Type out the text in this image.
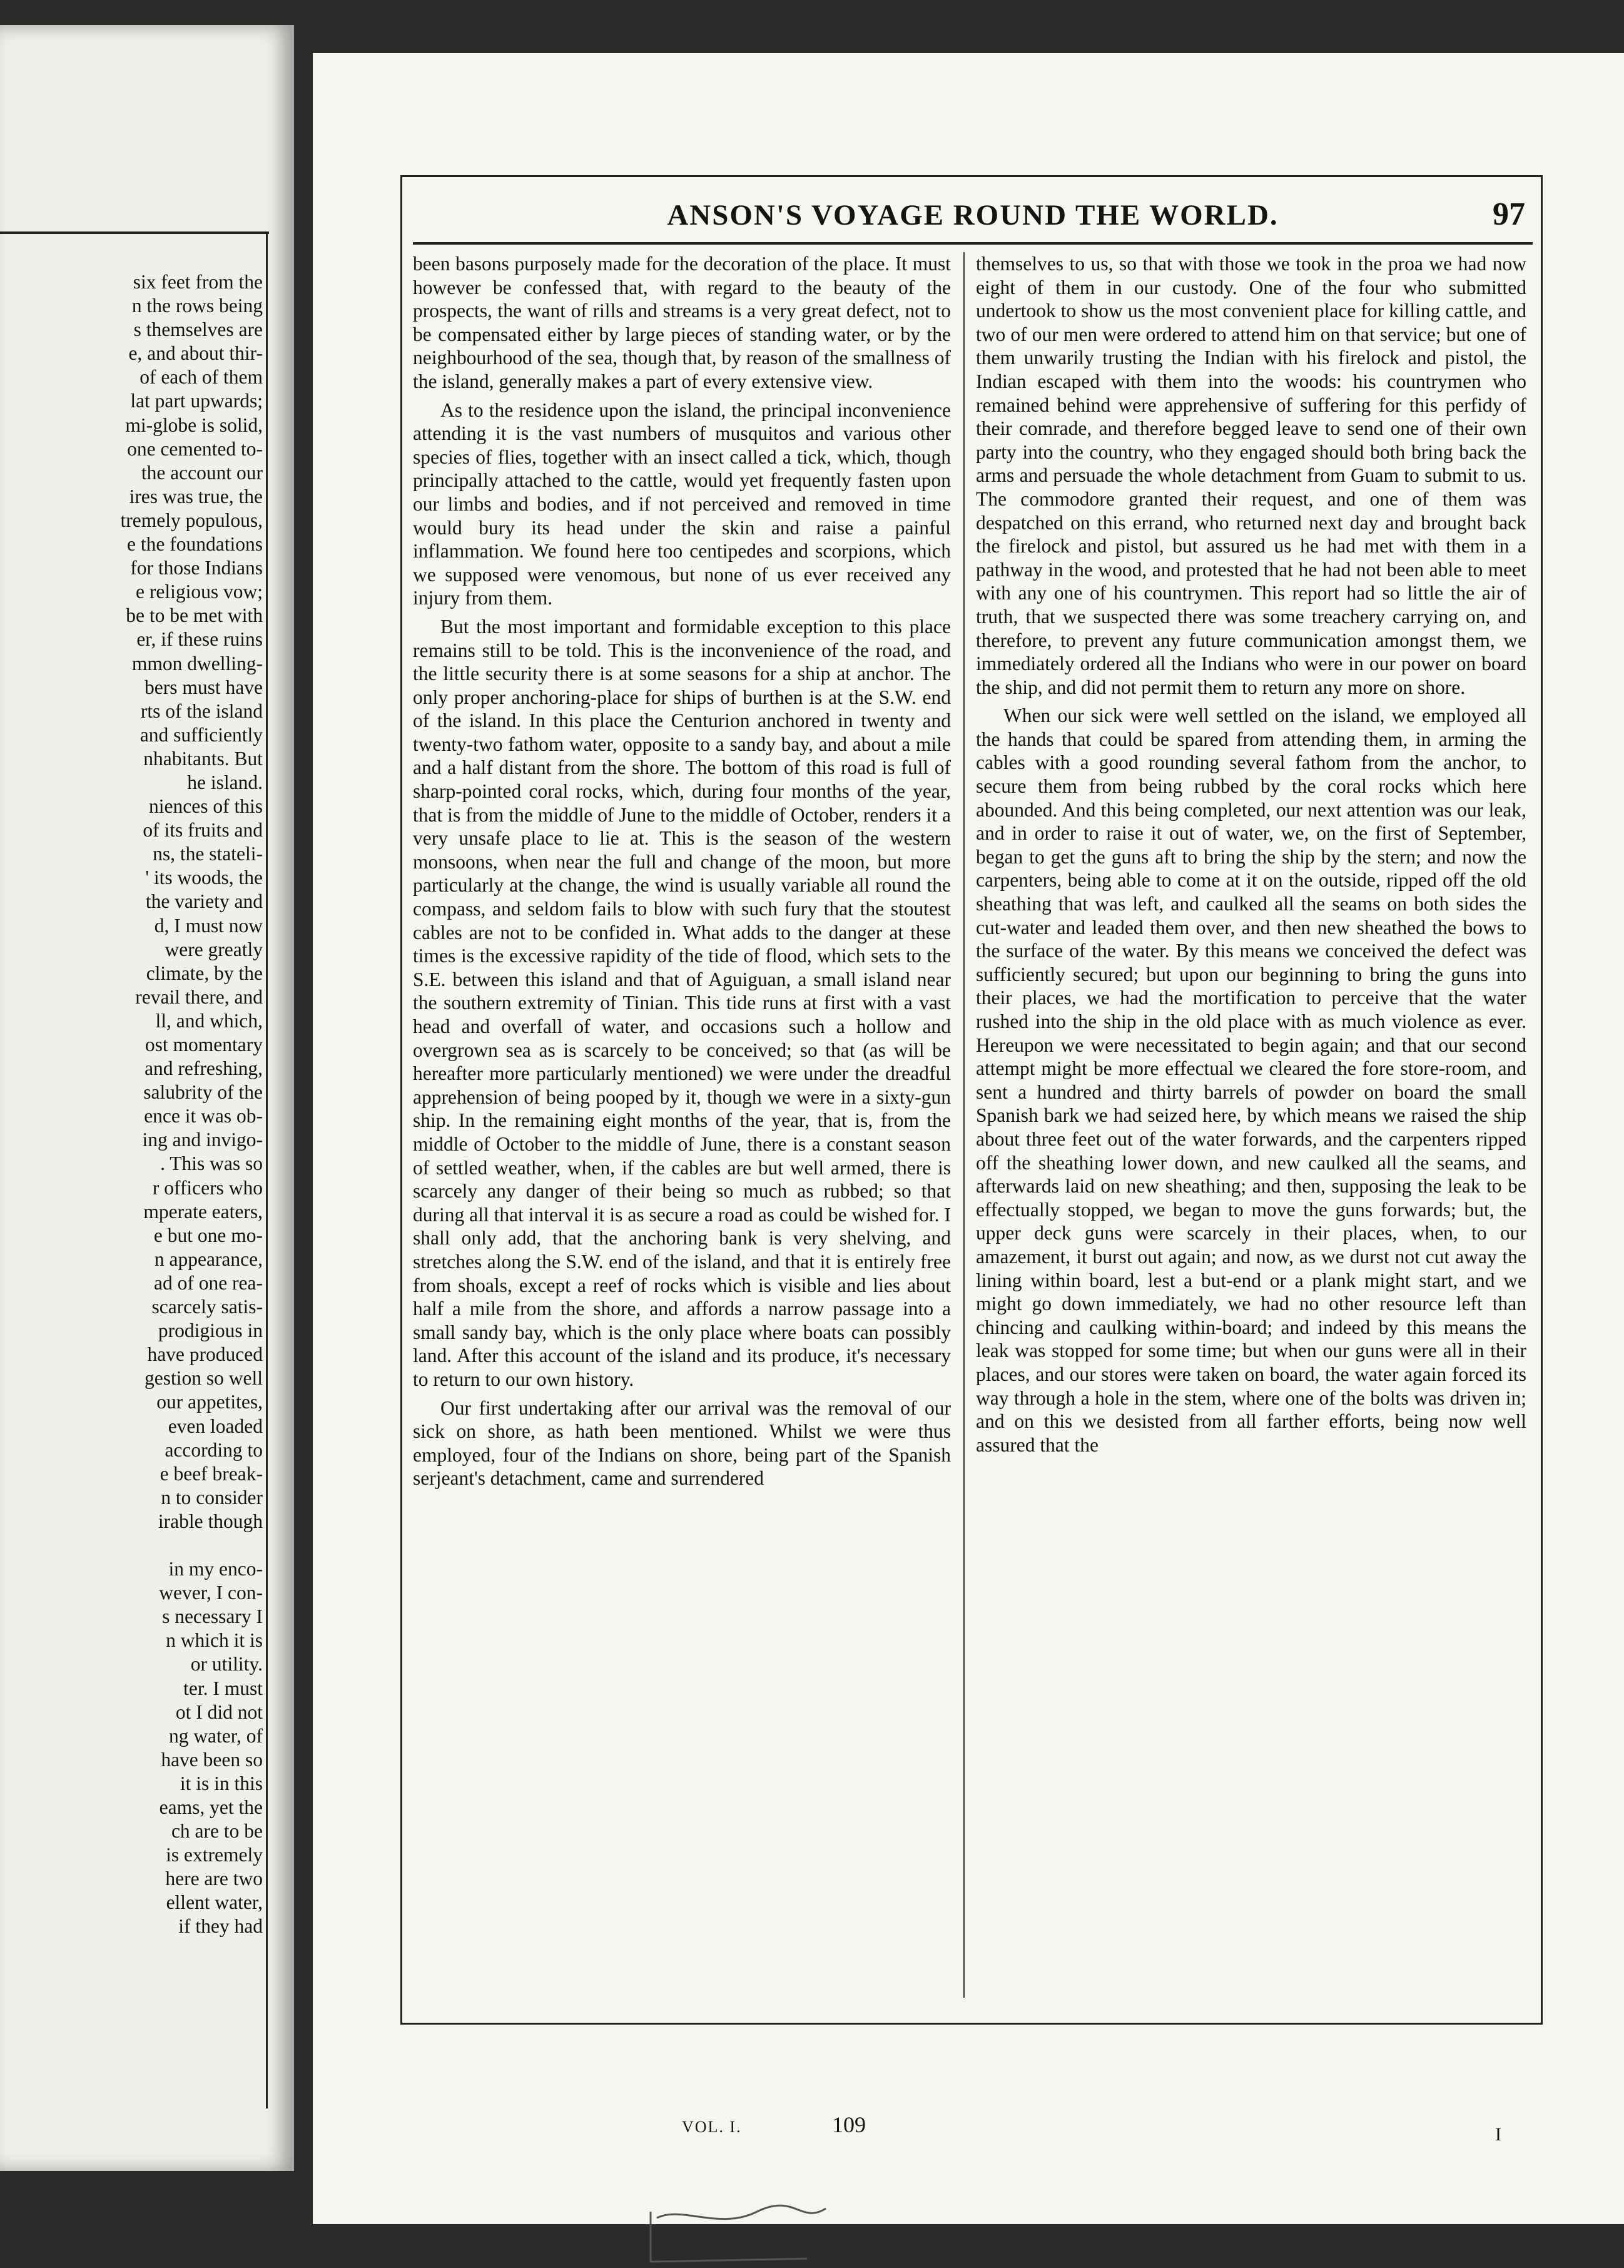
six feet from the
n the rows being
s themselves are
e, and about thir-
of each of them
lat part upwards;
mi-globe is solid,
one cemented to-
the account our
ires was true, the
tremely populous,
e the foundations
for those Indians
e religious vow;
be to be met with
er, if these ruins
mmon dwelling-
bers must have
rts of the island
and sufficiently
nhabitants. But
he island.
niences of this
of its fruits and
ns, the stateli-
' its woods, the
the variety and
d, I must now
were greatly
climate, by the
revail there, and
ll, and which,
ost momentary
and refreshing,
salubrity of the
ence it was ob-
ing and invigo-
. This was so
r officers who
mperate eaters,
e but one mo-
n appearance,
ad of one rea-
scarcely satis-
prodigious in
have produced
gestion so well
our appetites,
even loaded
according to
e beef break-
n to consider
irable though
in my enco-
wever, I con-
s necessary I
n which it is
or utility.
ter. I must
ot I did not
ng water, of
have been so
it is in this
eams, yet the
ch are to be
is extremely
here are two
ellent water,
if they had
ANSON'S VOYAGE ROUND THE WORLD.	97

been basons purposely made for the decoration of the place. It must however be confessed that, with regard to the beauty of the prospects, the want of rills and streams is a very great defect, not to be compensated either by large pieces of standing water, or by the neighbourhood of the sea, though that, by reason of the smallness of the island, generally makes a part of every extensive view.

As to the residence upon the island, the principal inconvenience attending it is the vast numbers of musquitos and various other species of flies, together with an insect called a tick, which, though principally attached to the cattle, would yet frequently fasten upon our limbs and bodies, and if not perceived and removed in time would bury its head under the skin and raise a painful inflammation. We found here too centipedes and scorpions, which we supposed were venomous, but none of us ever received any injury from them.

But the most important and formidable exception to this place remains still to be told. This is the inconvenience of the road, and the little security there is at some seasons for a ship at anchor. The only proper anchoring-place for ships of burthen is at the S.W. end of the island. In this place the Centurion anchored in twenty and twenty-two fathom water, opposite to a sandy bay, and about a mile and a half distant from the shore. The bottom of this road is full of sharp-pointed coral rocks, which, during four months of the year, that is from the middle of June to the middle of October, renders it a very unsafe place to lie at. This is the season of the western monsoons, when near the full and change of the moon, but more particularly at the change, the wind is usually variable all round the compass, and seldom fails to blow with such fury that the stoutest cables are not to be confided in. What adds to the danger at these times is the excessive rapidity of the tide of flood, which sets to the S.E. between this island and that of Aguiguan, a small island near the southern extremity of Tinian. This tide runs at first with a vast head and overfall of water, and occasions such a hollow and overgrown sea as is scarcely to be conceived; so that (as will be hereafter more particularly mentioned) we were under the dreadful apprehension of being pooped by it, though we were in a sixty-gun ship. In the remaining eight months of the year, that is, from the middle of October to the middle of June, there is a constant season of settled weather, when, if the cables are but well armed, there is scarcely any danger of their being so much as rubbed; so that during all that interval it is as secure a road as could be wished for. I shall only add, that the anchoring bank is very shelving, and stretches along the S.W. end of the island, and that it is entirely free from shoals, except a reef of rocks which is visible and lies about half a mile from the shore, and affords a narrow passage into a small sandy bay, which is the only place where boats can possibly land. After this account of the island and its produce, it's necessary to return to our own history.

Our first undertaking after our arrival was the removal of our sick on shore, as hath been mentioned. Whilst we were thus employed, four of the Indians on shore, being part of the Spanish serjeant's detachment, came and surrendered

themselves to us, so that with those we took in the proa we had now eight of them in our custody. One of the four who submitted undertook to show us the most convenient place for killing cattle, and two of our men were ordered to attend him on that service; but one of them unwarily trusting the Indian with his firelock and pistol, the Indian escaped with them into the woods: his countrymen who remained behind were apprehensive of suffering for this perfidy of their comrade, and therefore begged leave to send one of their own party into the country, who they engaged should both bring back the arms and persuade the whole detachment from Guam to submit to us. The commodore granted their request, and one of them was despatched on this errand, who returned next day and brought back the firelock and pistol, but assured us he had met with them in a pathway in the wood, and protested that he had not been able to meet with any one of his countrymen. This report had so little the air of truth, that we suspected there was some treachery carrying on, and therefore, to prevent any future communication amongst them, we immediately ordered all the Indians who were in our power on board the ship, and did not permit them to return any more on shore.

When our sick were well settled on the island, we employed all the hands that could be spared from attending them, in arming the cables with a good rounding several fathom from the anchor, to secure them from being rubbed by the coral rocks which here abounded. And this being completed, our next attention was our leak, and in order to raise it out of water, we, on the first of September, began to get the guns aft to bring the ship by the stern; and now the carpenters, being able to come at it on the outside, ripped off the old sheathing that was left, and caulked all the seams on both sides the cut-water and leaded them over, and then new sheathed the bows to the surface of the water. By this means we conceived the defect was sufficiently secured; but upon our beginning to bring the guns into their places, we had the mortification to perceive that the water rushed into the ship in the old place with as much violence as ever. Hereupon we were necessitated to begin again; and that our second attempt might be more effectual we cleared the fore store-room, and sent a hundred and thirty barrels of powder on board the small Spanish bark we had seized here, by which means we raised the ship about three feet out of the water forwards, and the carpenters ripped off the sheathing lower down, and new caulked all the seams, and afterwards laid on new sheathing; and then, supposing the leak to be effectually stopped, we began to move the guns forwards; but, the upper deck guns were scarcely in their places, when, to our amazement, it burst out again; and now, as we durst not cut away the lining within board, lest a but-end or a plank might start, and we might go down immediately, we had no other resource left than chincing and caulking within-board; and indeed by this means the leak was stopped for some time; but when our guns were all in their places, and our stores were taken on board, the water again forced its way through a hole in the stem, where one of the bolts was driven in; and on this we desisted from all farther efforts, being now well assured that the

VOL. I.	109	I
